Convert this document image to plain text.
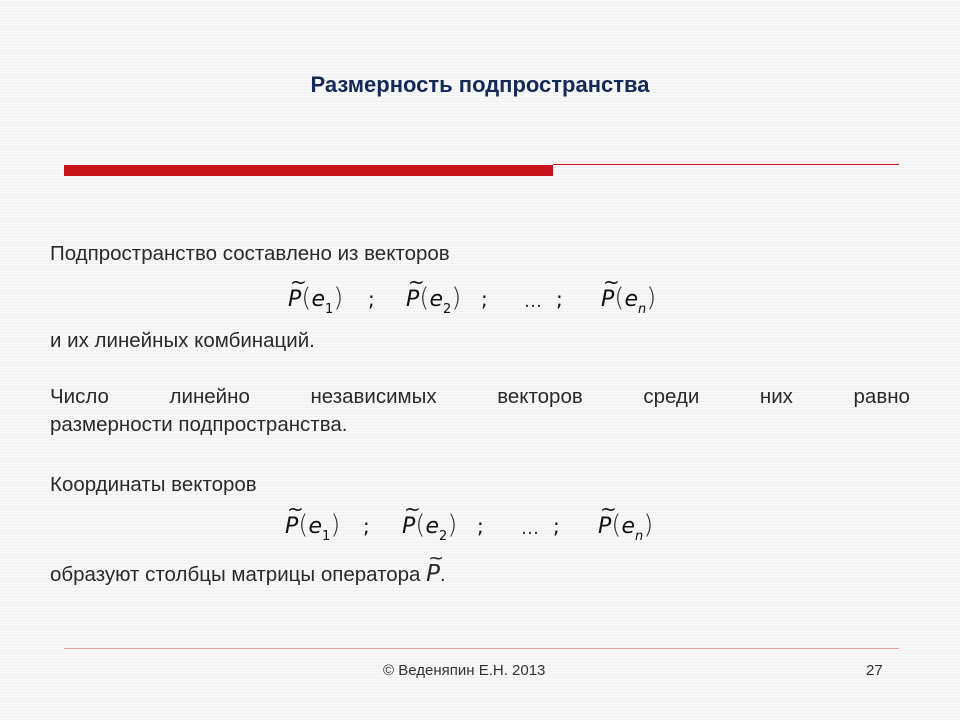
Размерность подпространства
Подпространство составлено из векторов
~
$P(e_1)$ ;
~
$P(e_2)$ ; … ;
~
$P(e_n)$
и их линейных комбинаций.
Число	линейно	независимых	векторов	среди	них	равно
размерности подпространства.
Координаты векторов
~
$P(e_1)$ ;
~
$P(e_2)$ ; … ;
~
$P(e_n)$
образуют столбцы матрицы оператора
~
P.
© Веденяпин Е.Н. 2013	27
